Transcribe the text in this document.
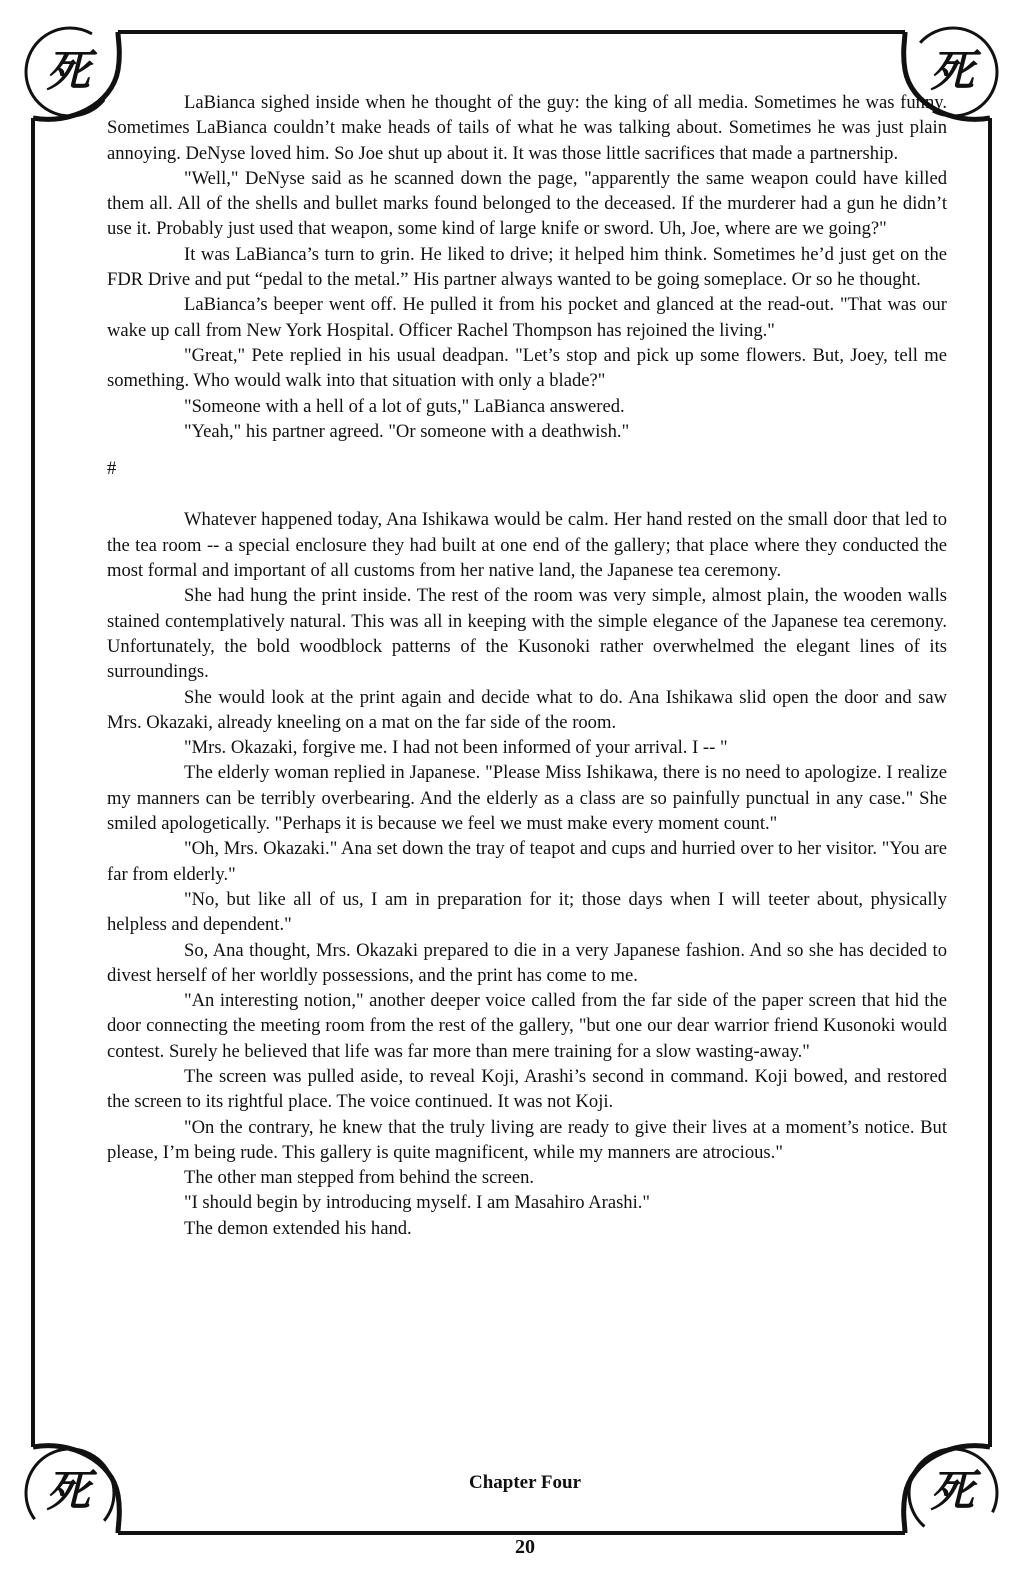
死	死
死	死

LaBianca sighed inside when he thought of the guy: the king of all media. Sometimes he was funny. Sometimes LaBianca couldn’t make heads of tails of what he was talking about. Sometimes he was just plain annoying. DeNyse loved him. So Joe shut up about it. It was those little sacrifices that made a partnership.

"Well," DeNyse said as he scanned down the page, "apparently the same weapon could have killed them all. All of the shells and bullet marks found belonged to the deceased. If the murderer had a gun he didn’t use it. Probably just used that weapon, some kind of large knife or sword. Uh, Joe, where are we going?"

It was LaBianca’s turn to grin. He liked to drive; it helped him think. Sometimes he’d just get on the FDR Drive and put “pedal to the metal.” His partner always wanted to be going someplace. Or so he thought.

LaBianca’s beeper went off. He pulled it from his pocket and glanced at the read-out. "That was our wake up call from New York Hospital. Officer Rachel Thompson has rejoined the living."

"Great," Pete replied in his usual deadpan. "Let’s stop and pick up some flowers. But, Joey, tell me something. Who would walk into that situation with only a blade?"

"Someone with a hell of a lot of guts," LaBianca answered.

"Yeah," his partner agreed. "Or someone with a deathwish."

#

Whatever happened today, Ana Ishikawa would be calm. Her hand rested on the small door that led to the tea room -- a special enclosure they had built at one end of the gallery; that place where they conducted the most formal and important of all customs from her native land, the Japanese tea ceremony.

She had hung the print inside. The rest of the room was very simple, almost plain, the wooden walls stained contemplatively natural. This was all in keeping with the simple elegance of the Japanese tea ceremony. Unfortunately, the bold woodblock patterns of the Kusonoki rather overwhelmed the elegant lines of its surroundings.

She would look at the print again and decide what to do. Ana Ishikawa slid open the door and saw Mrs. Okazaki, already kneeling on a mat on the far side of the room.

"Mrs. Okazaki, forgive me. I had not been informed of your arrival. I -- "

The elderly woman replied in Japanese. "Please Miss Ishikawa, there is no need to apologize. I realize my manners can be terribly overbearing. And the elderly as a class are so painfully punctual in any case." She smiled apologetically. "Perhaps it is because we feel we must make every moment count."

"Oh, Mrs. Okazaki." Ana set down the tray of teapot and cups and hurried over to her visitor. "You are far from elderly."

"No, but like all of us, I am in preparation for it; those days when I will teeter about, physically helpless and dependent."

So, Ana thought, Mrs. Okazaki prepared to die in a very Japanese fashion. And so she has decided to divest herself of her worldly possessions, and the print has come to me.

"An interesting notion," another deeper voice called from the far side of the paper screen that hid the door connecting the meeting room from the rest of the gallery, "but one our dear warrior friend Kusonoki would contest. Surely he believed that life was far more than mere training for a slow wasting-away."

The screen was pulled aside, to reveal Koji, Arashi’s second in command. Koji bowed, and restored the screen to its rightful place. The voice continued. It was not Koji.

"On the contrary, he knew that the truly living are ready to give their lives at a moment’s notice. But please, I’m being rude. This gallery is quite magnificent, while my manners are atrocious."

The other man stepped from behind the screen.

"I should begin by introducing myself. I am Masahiro Arashi."

The demon extended his hand.

Chapter Four
20
